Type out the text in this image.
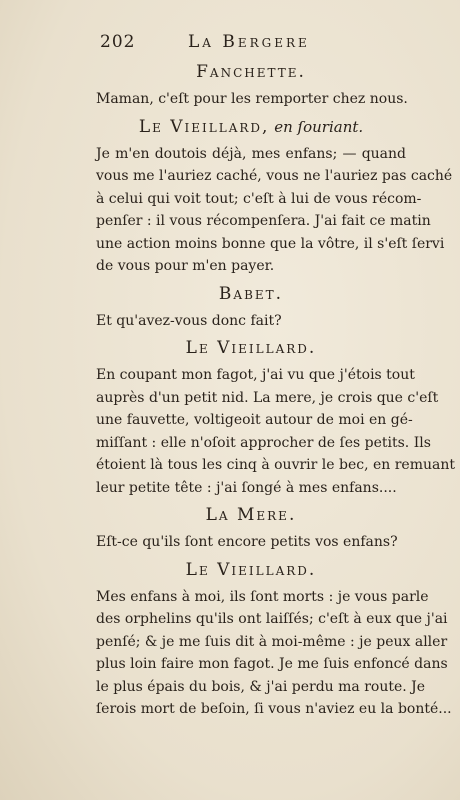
202	La Bergere
Fanchette.
Maman, c'eſt pour les remporter chez nous.
Le Vieillard, en ſouriant.
Je m'en doutois déjà, mes enfans; — quand
vous me l'auriez caché, vous ne l'auriez pas caché
à celui qui voit tout; c'eſt à lui de vous récom-
penſer : il vous récompenſera. J'ai fait ce matin
une action moins bonne que la vôtre, il s'eſt ſervi
de vous pour m'en payer.
Babet.
Et qu'avez-vous donc fait?
Le Vieillard.
En coupant mon fagot, j'ai vu que j'étois tout
auprès d'un petit nid. La mere, je crois que c'eſt
une fauvette, voltigeoit autour de moi en gé-
miſſant : elle n'oſoit approcher de ſes petits. Ils
étoient là tous les cinq à ouvrir le bec, en remuant
leur petite tête : j'ai ſongé à mes enfans....
La Mere.
Eſt-ce qu'ils ſont encore petits vos enfans?
Le Vieillard.
Mes enfans à moi, ils ſont morts : je vous parle
des orphelins qu'ils ont laiſſés; c'eſt à eux que j'ai
penſé; & je me ſuis dit à moi-même : je peux aller
plus loin faire mon fagot. Je me ſuis enfoncé dans
le plus épais du bois, & j'ai perdu ma route. Je
ſerois mort de beſoin, ſi vous n'aviez eu la bonté...
